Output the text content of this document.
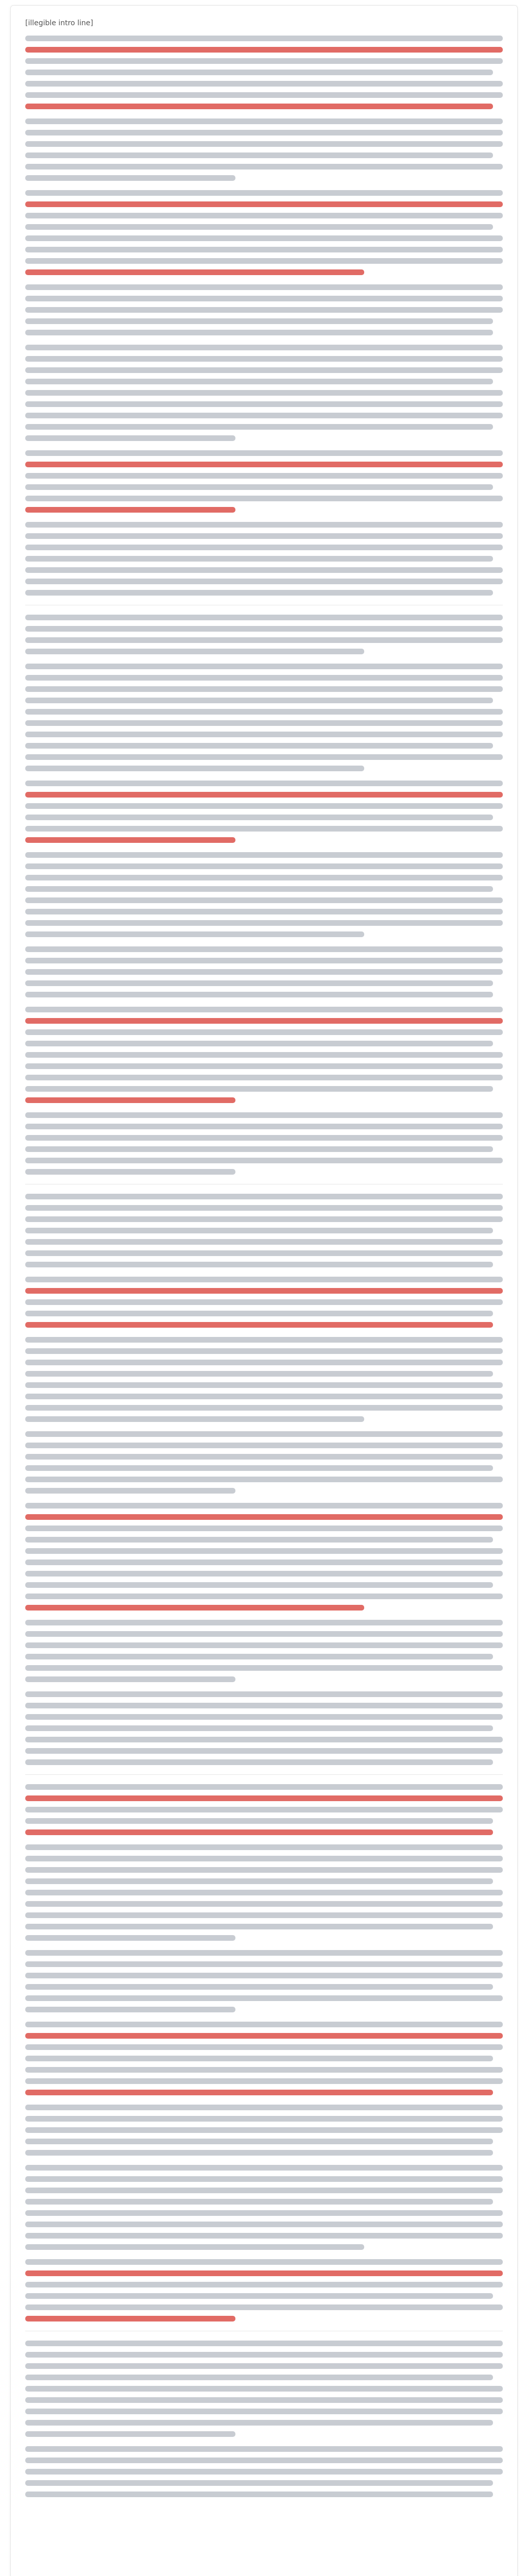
[illegible intro line]
